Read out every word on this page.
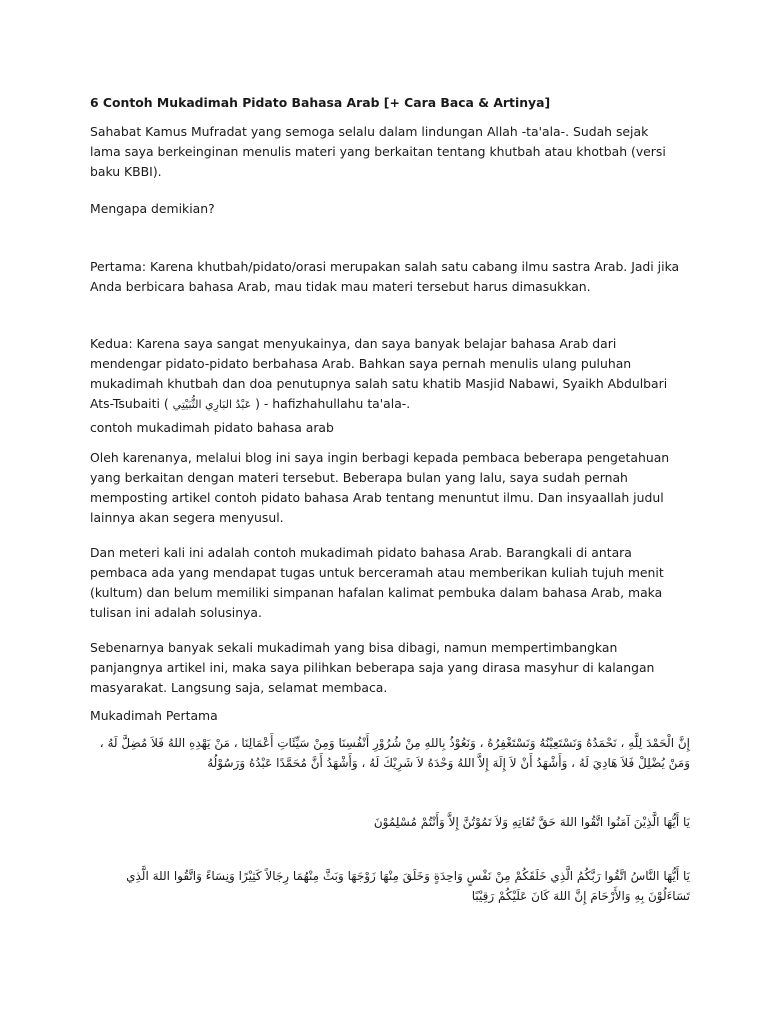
6 Contoh Mukadimah Pidato Bahasa Arab [+ Cara Baca & Artinya]

Sahabat Kamus Mufradat yang semoga selalu dalam lindungan Allah -ta'ala-. Sudah sejak lama saya berkeinginan menulis materi yang berkaitan tentang khutbah atau khotbah (versi baku KBBI).

Mengapa demikian?

Pertama: Karena khutbah/pidato/orasi merupakan salah satu cabang ilmu sastra Arab. Jadi jika Anda berbicara bahasa Arab, mau tidak mau materi tersebut harus dimasukkan.

Kedua: Karena saya sangat menyukainya, dan saya banyak belajar bahasa Arab dari mendengar pidato-pidato berbahasa Arab. Bahkan saya pernah menulis ulang puluhan mukadimah khutbah dan doa penutupnya salah satu khatib Masjid Nabawi, Syaikh Abdulbari Ats-Tsubaiti ( عَبْدُ البَارِي الثُّبَيْتِي ) - hafizhahullahu ta'ala-.

contoh mukadimah pidato bahasa arab

Oleh karenanya, melalui blog ini saya ingin berbagi kepada pembaca beberapa pengetahuan yang berkaitan dengan materi tersebut. Beberapa bulan yang lalu, saya sudah pernah memposting artikel contoh pidato bahasa Arab tentang menuntut ilmu. Dan insyaallah judul lainnya akan segera menyusul.

Dan meteri kali ini adalah contoh mukadimah pidato bahasa Arab. Barangkali di antara pembaca ada yang mendapat tugas untuk berceramah atau memberikan kuliah tujuh menit (kultum) dan belum memiliki simpanan hafalan kalimat pembuka dalam bahasa Arab, maka tulisan ini adalah solusinya.

Sebenarnya banyak sekali mukadimah yang bisa dibagi, namun mempertimbangkan panjangnya artikel ini, maka saya pilihkan beberapa saja yang dirasa masyhur di kalangan masyarakat. Langsung saja, selamat membaca.

Mukadimah Pertama

إِنَّ الْحَمْدَ لِلَّهِ ، نَحْمَدُهُ وَنَسْتَعِيْنُهُ وَنَسْتَغْفِرُهُ ، وَنَعُوْذُ بِاللهِ مِنْ شُرُوْرِ أَنْفُسِنَا وَمِنْ سَيِّئَاتِ أَعْمَالِنَا ، مَنْ يَهْدِهِ اللهُ فَلاَ مُضِلَّ لَهُ ، وَمَنْ يُضْلِلْ فَلاَ هَادِيَ لَهُ ، وَأَشْهَدُ أَنْ لاَ إِلَهَ إِلاَّ اللهُ وَحْدَهُ لاَ شَرِيْكَ لَهُ ، وَأَشْهَدُ أَنَّ مُحَمَّدًا عَبْدُهُ وَرَسُوْلُهُ

يَا أَيُّهَا الَّذِيْنَ آمَنُوا اتَّقُوا اللهَ حَقَّ تُقَاتِهِ وَلاَ تَمُوْتُنَّ إِلاَّ وَأَنْتُمْ مُسْلِمُوْنَ

يَا أَيُّهَا النَّاسُ اتَّقُوا رَبَّكُمُ الَّذِي خَلَقَكُمْ مِنْ نَفْسٍ وَاحِدَةٍ وَخَلَقَ مِنْهَا زَوْجَهَا وَبَثَّ مِنْهُمَا رِجَالاً كَثِيْرًا وَنِسَاءً وَاتَّقُوا اللهَ الَّذِي تَسَاءَلُوْنَ بِهِ وَالأَرْحَامَ إِنَّ اللهَ كَانَ عَلَيْكُمْ رَقِيْبًا
